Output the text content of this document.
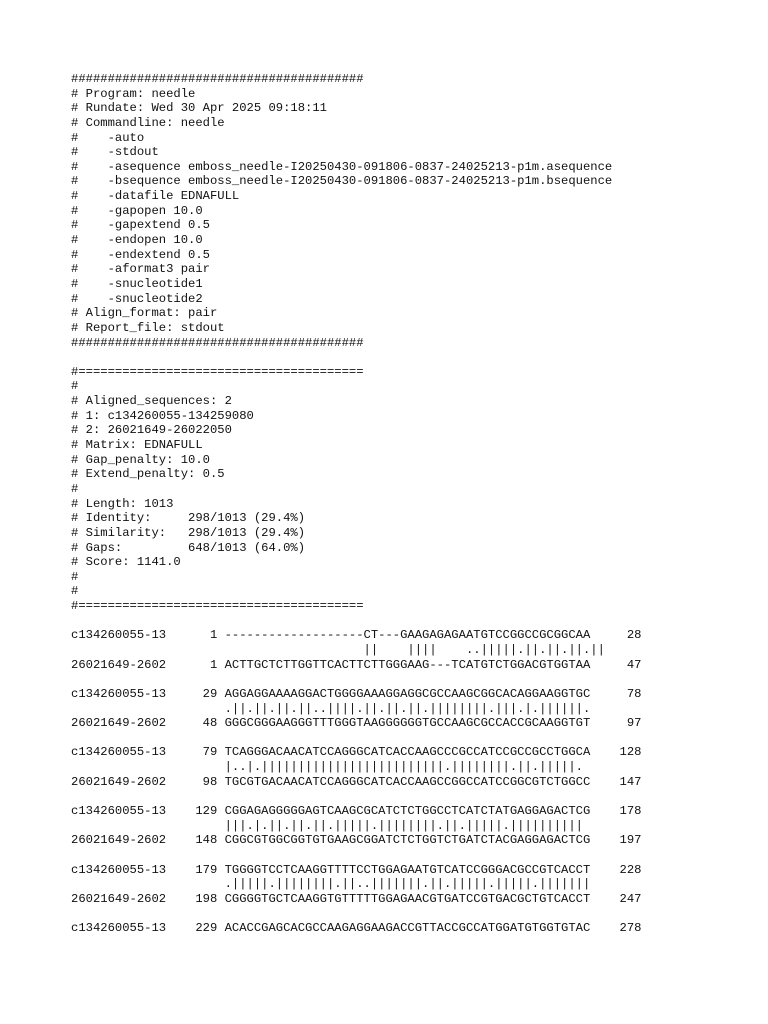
########################################
# Program: needle
# Rundate: Wed 30 Apr 2025 09:18:11
# Commandline: needle
#    -auto
#    -stdout
#    -asequence emboss_needle-I20250430-091806-0837-24025213-p1m.asequence
#    -bsequence emboss_needle-I20250430-091806-0837-24025213-p1m.bsequence
#    -datafile EDNAFULL
#    -gapopen 10.0
#    -gapextend 0.5
#    -endopen 10.0
#    -endextend 0.5
#    -aformat3 pair
#    -snucleotide1
#    -snucleotide2
# Align_format: pair
# Report_file: stdout
########################################
#=======================================
#
# Aligned_sequences: 2
# 1: c134260055-134259080
# 2: 26021649-26022050
# Matrix: EDNAFULL
# Gap_penalty: 10.0
# Extend_penalty: 0.5
#
# Length: 1013
# Identity:     298/1013 (29.4%)
# Similarity:   298/1013 (29.4%)
# Gaps:         648/1013 (64.0%)
# Score: 1141.0
#
#
#=======================================
c134260055-13      1 -------------------CT---GAAGAGAGAATGTCCGGCCGCGGCAA     28
||    ||||    ..|||||.||.||.||.||
26021649-2602      1 ACTTGCTCTTGGTTCACTTCTTGGGAAG---TCATGTCTGGACGTGGTAA     47
c134260055-13     29 AGGAGGAAAAGGACTGGGGAAAGGAGGCGCCAAGCGGCACAGGAAGGTGC     78
.||.||.||.||..||||.||.||.||.||||||||.|||.|.||||||.
26021649-2602     48 GGGCGGGAAGGGTTTGGGTAAGGGGGGTGCCAAGCGCCACCGCAAGGTGT     97
c134260055-13     79 TCAGGGACAACATCCAGGGCATCACCAAGCCCGCCATCCGCCGCCTGGCA    128
|..|.|||||||||||||||||||||||||.||||||||.||.|||||.
26021649-2602     98 TGCGTGACAACATCCAGGGCATCACCAAGCCGGCCATCCGGCGTCTGGCC    147
c134260055-13    129 CGGAGAGGGGGAGTCAAGCGCATCTCTGGCCTCATCTATGAGGAGACTCG    178
|||.|.||.||.||.|||||.||||||||.||.|||||.||||||||||
26021649-2602    148 CGGCGTGGCGGTGTGAAGCGGATCTCTGGTCTGATCTACGAGGAGACTCG    197
c134260055-13    179 TGGGGTCCTCAAGGTTTTCCTGGAGAATGTCATCCGGGACGCCGTCACCT    228
.|||||.||||||||.||..|||||||.||.|||||.|||||.|||||||
26021649-2602    198 CGGGGTGCTCAAGGTGTTTTTGGAGAACGTGATCCGTGACGCTGTCACCT    247
c134260055-13    229 ACACCGAGCACGCCAAGAGGAAGACCGTTACCGCCATGGATGTGGTGTAC    278
